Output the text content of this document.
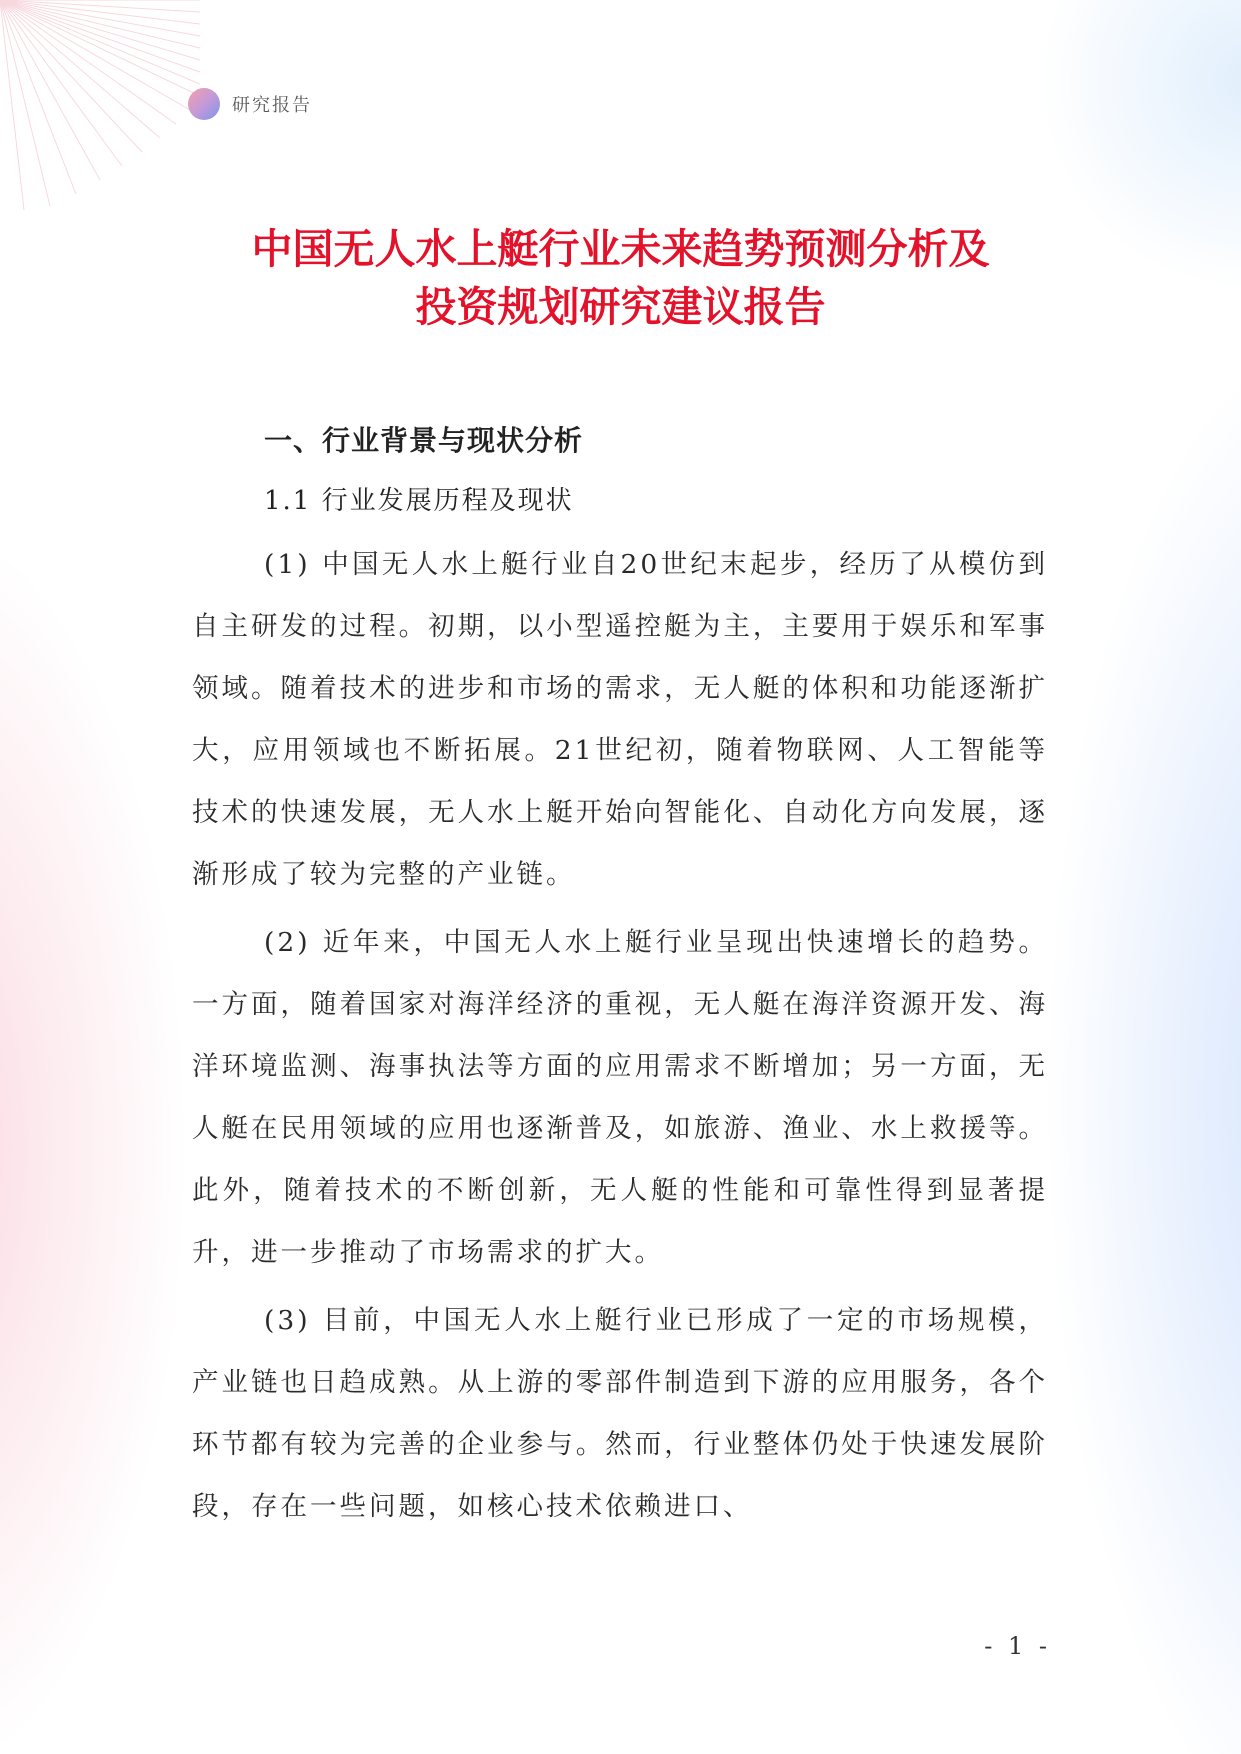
研究报告
中国无人水上艇行业未来趋势预测分析及
投资规划研究建议报告
一、行业背景与现状分析
1.1 行业发展历程及现状

(1) 中国无人水上艇行业自20世纪末起步，经历了从模仿到自主研发的过程。初期，以小型遥控艇为主，主要用于娱乐和军事领域。随着技术的进步和市场的需求，无人艇的体积和功能逐渐扩大，应用领域也不断拓展。21世纪初，随着物联网、人工智能等技术的快速发展，无人水上艇开始向智能化、自动化方向发展，逐渐形成了较为完整的产业链。

(2) 近年来，中国无人水上艇行业呈现出快速增长的趋势。一方面，随着国家对海洋经济的重视，无人艇在海洋资源开发、海洋环境监测、海事执法等方面的应用需求不断增加；另一方面，无人艇在民用领域的应用也逐渐普及，如旅游、渔业、水上救援等。此外，随着技术的不断创新，无人艇的性能和可靠性得到显著提升，进一步推动了市场需求的扩大。

(3) 目前，中国无人水上艇行业已形成了一定的市场规模，产业链也日趋成熟。从上游的零部件制造到下游的应用服务，各个环节都有较为完善的企业参与。然而，行业整体仍处于快速发展阶段，存在一些问题，如核心技术依赖进口、

- 1 -
